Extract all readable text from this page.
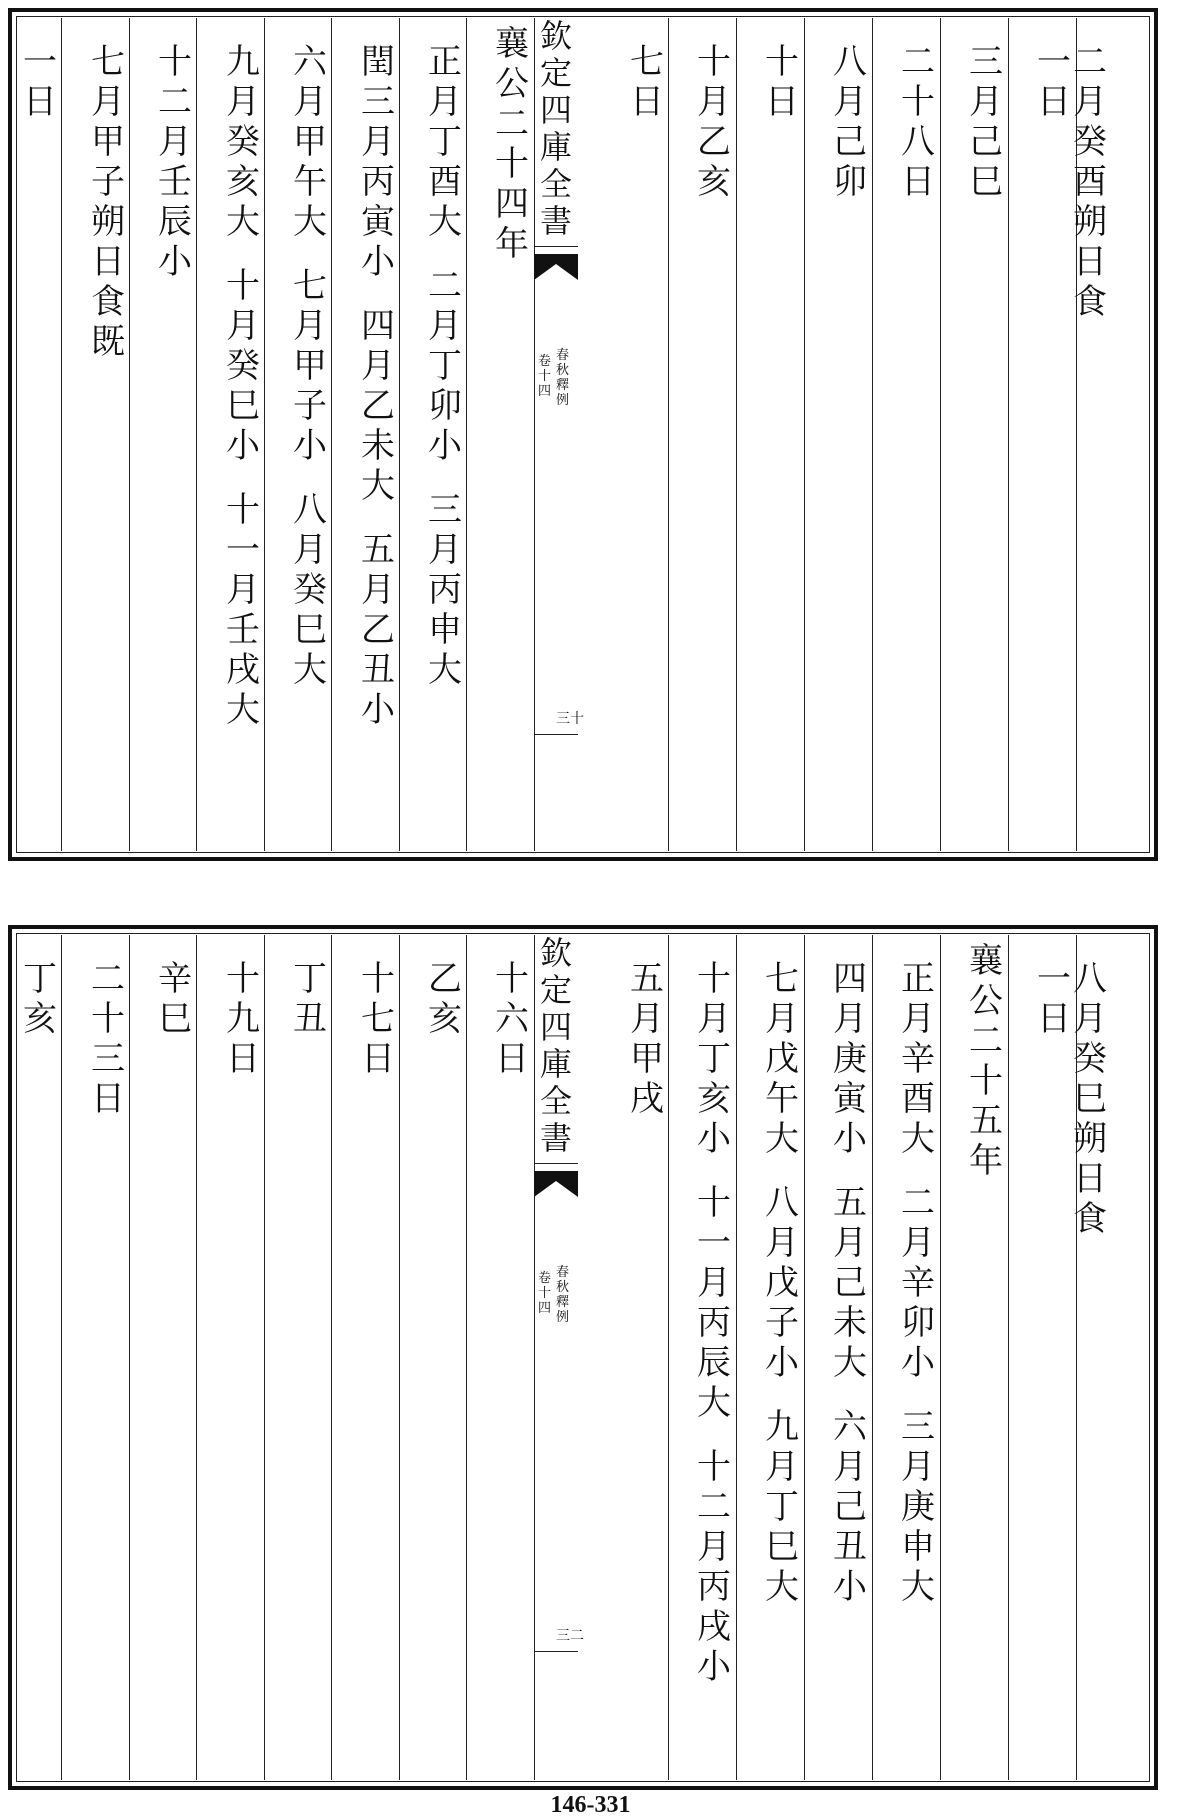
二
月
癸
酉
朔
日
食
一
日
三
月
己
巳
二
十
八
日
八
月
己
卯
十
日
十
月
乙
亥
七
日
襄
公
二
十
四
年
正
月
丁
酉
大
二
月
丁
卯
小
三
月
丙
申
大
閏
三
月
丙
寅
小
四
月
乙
未
大
五
月
乙
丑
小
六
月
甲
午
大
七
月
甲
子
小
八
月
癸
巳
大
九
月
癸
亥
大
十
月
癸
巳
小
十
一
月
壬
戌
大
十
二
月
壬
辰
小
七
月
甲
子
朔
日
食
既
一
日
欽
定
四
庫
全
書
春
秋
釋
例
卷
十
四
三十
八
月
癸
巳
朔
日
食
一
日
襄
公
二
十
五
年
正
月
辛
酉
大
二
月
辛
卯
小
三
月
庚
申
大
四
月
庚
寅
小
五
月
己
未
大
六
月
己
丑
小
七
月
戊
午
大
八
月
戊
子
小
九
月
丁
巳
大
十
月
丁
亥
小
十
一
月
丙
辰
大
十
二
月
丙
戌
小
五
月
甲
戌
十
六
日
乙
亥
十
七
日
丁
丑
十
九
日
辛
巳
二
十
三
日
丁
亥
欽
定
四
庫
全
書
春
秋
釋
例
卷
十
四
三二
146-331
